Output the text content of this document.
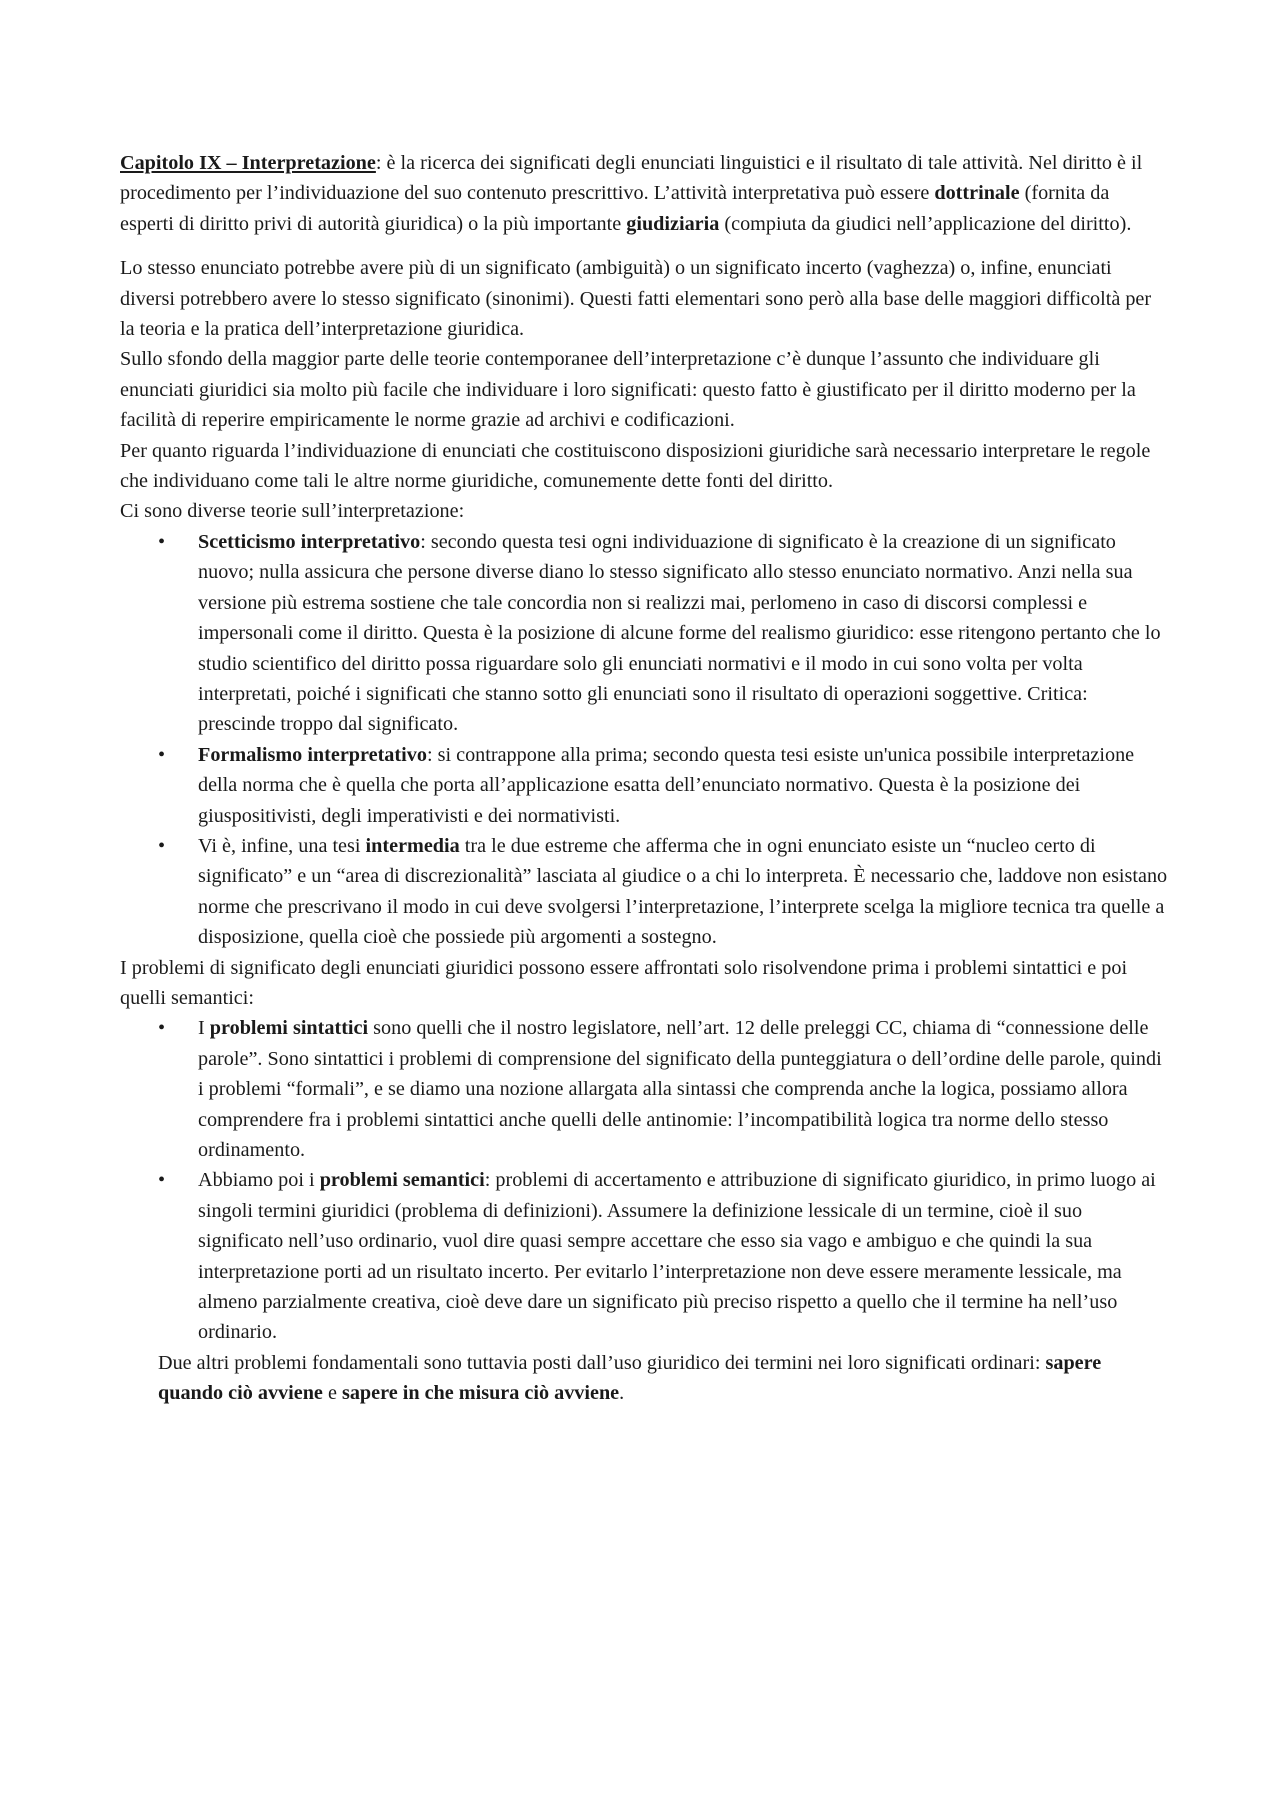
Capitolo IX – Interpretazione: è la ricerca dei significati degli enunciati linguistici e il risultato di tale attività. Nel diritto è il procedimento per l’individuazione del suo contenuto prescrittivo. L’attività interpretativa può essere dottrinale (fornita da esperti di diritto privi di autorità giuridica) o la più importante giudiziaria (compiuta da giudici nell’applicazione del diritto).

Lo stesso enunciato potrebbe avere più di un significato (ambiguità) o un significato incerto (vaghezza) o, infine, enunciati diversi potrebbero avere lo stesso significato (sinonimi). Questi fatti elementari sono però alla base delle maggiori difficoltà per la teoria e la pratica dell’interpretazione giuridica.

Sullo sfondo della maggior parte delle teorie contemporanee dell’interpretazione c’è dunque l’assunto che individuare gli enunciati giuridici sia molto più facile che individuare i loro significati: questo fatto è giustificato per il diritto moderno per la facilità di reperire empiricamente le norme grazie ad archivi e codificazioni.

Per quanto riguarda l’individuazione di enunciati che costituiscono disposizioni giuridiche sarà necessario interpretare le regole che individuano come tali le altre norme giuridiche, comunemente dette fonti del diritto.

Ci sono diverse teorie sull’interpretazione:

• Scetticismo interpretativo: secondo questa tesi ogni individuazione di significato è la creazione di un significato nuovo; nulla assicura che persone diverse diano lo stesso significato allo stesso enunciato normativo. Anzi nella sua versione più estrema sostiene che tale concordia non si realizzi mai, perlomeno in caso di discorsi complessi e impersonali come il diritto. Questa è la posizione di alcune forme del realismo giuridico: esse ritengono pertanto che lo studio scientifico del diritto possa riguardare solo gli enunciati normativi e il modo in cui sono volta per volta interpretati, poiché i significati che stanno sotto gli enunciati sono il risultato di operazioni soggettive. Critica: prescinde troppo dal significato.
• Formalismo interpretativo: si contrappone alla prima; secondo questa tesi esiste un'unica possibile interpretazione della norma che è quella che porta all’applicazione esatta dell’enunciato normativo. Questa è la posizione dei giuspositivisti, degli imperativisti e dei normativisti.
• Vi è, infine, una tesi intermedia tra le due estreme che afferma che in ogni enunciato esiste un “nucleo certo di significato” e un “area di discrezionalità” lasciata al giudice o a chi lo interpreta. È necessario che, laddove non esistano norme che prescrivano il modo in cui deve svolgersi l’interpretazione, l’interprete scelga la migliore tecnica tra quelle a disposizione, quella cioè che possiede più argomenti a sostegno.

I problemi di significato degli enunciati giuridici possono essere affrontati solo risolvendone prima i problemi sintattici e poi quelli semantici:

• I problemi sintattici sono quelli che il nostro legislatore, nell’art. 12 delle preleggi CC, chiama di “connessione delle parole”. Sono sintattici i problemi di comprensione del significato della punteggiatura o dell’ordine delle parole, quindi i problemi “formali”, e se diamo una nozione allargata alla sintassi che comprenda anche la logica, possiamo allora comprendere fra i problemi sintattici anche quelli delle antinomie: l’incompatibilità logica tra norme dello stesso ordinamento.
• Abbiamo poi i problemi semantici: problemi di accertamento e attribuzione di significato giuridico, in primo luogo ai singoli termini giuridici (problema di definizioni). Assumere la definizione lessicale di un termine, cioè il suo significato nell’uso ordinario, vuol dire quasi sempre accettare che esso sia vago e ambiguo e che quindi la sua interpretazione porti ad un risultato incerto. Per evitarlo l’interpretazione non deve essere meramente lessicale, ma almeno parzialmente creativa, cioè deve dare un significato più preciso rispetto a quello che il termine ha nell’uso ordinario.

Due altri problemi fondamentali sono tuttavia posti dall’uso giuridico dei termini nei loro significati ordinari: sapere quando ciò avviene e sapere in che misura ciò avviene.
